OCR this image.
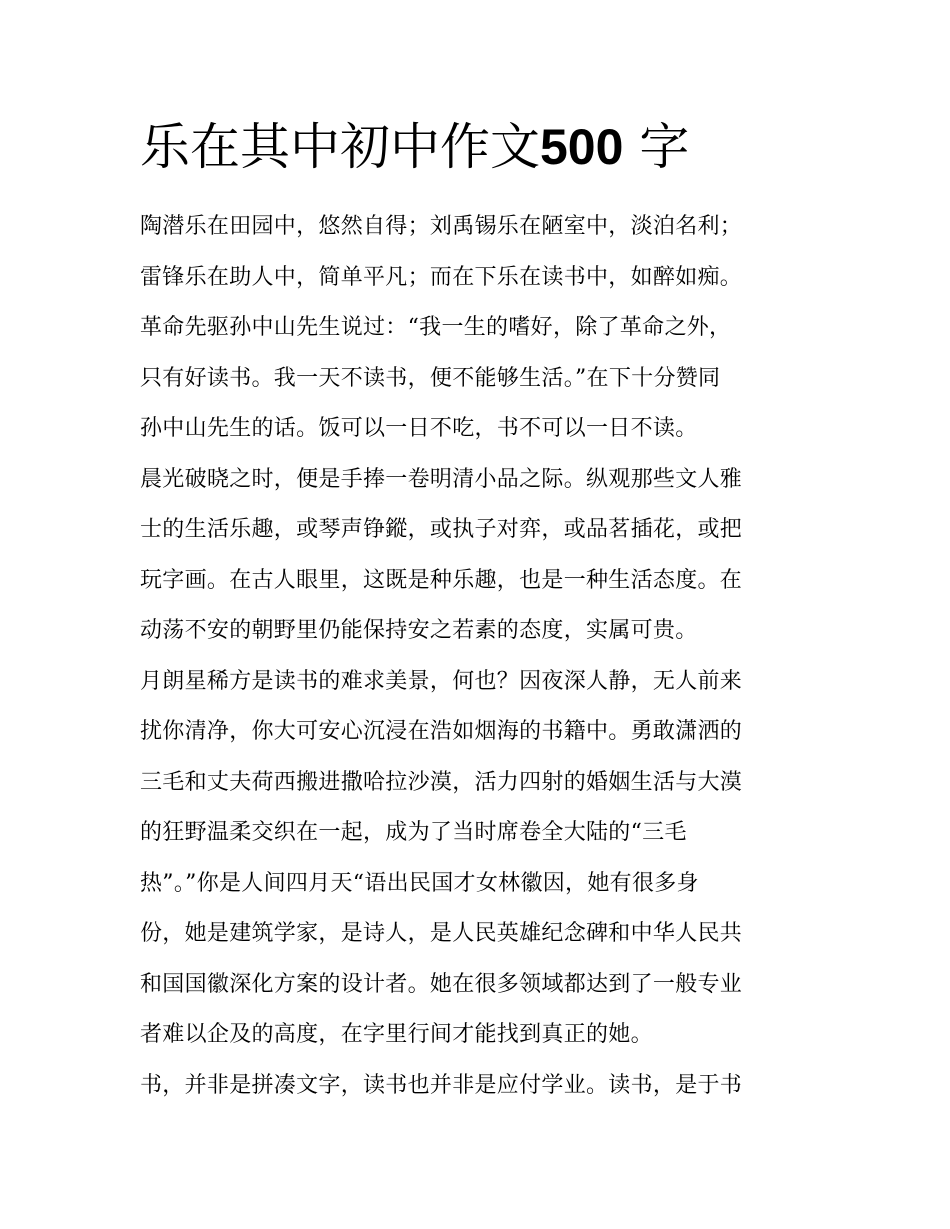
乐在其中初中作文500 字
陶潜乐在田园中，悠然自得；刘禹锡乐在陋室中，淡泊名利；
雷锋乐在助人中，简单平凡；而在下乐在读书中，如醉如痴。
革命先驱孙中山先生说过：“我一生的嗜好，除了革命之外，
只有好读书。我一天不读书，便不能够生活。”在下十分赞同
孙中山先生的话。饭可以一日不吃，书不可以一日不读。
晨光破晓之时，便是手捧一卷明清小品之际。纵观那些文人雅
士的生活乐趣，或琴声铮鏦，或执子对弈，或品茗插花，或把
玩字画。在古人眼里，这既是种乐趣，也是一种生活态度。在
动荡不安的朝野里仍能保持安之若素的态度，实属可贵。
月朗星稀方是读书的难求美景，何也？因夜深人静，无人前来
扰你清净，你大可安心沉浸在浩如烟海的书籍中。勇敢潇洒的
三毛和丈夫荷西搬进撒哈拉沙漠，活力四射的婚姻生活与大漠
的狂野温柔交织在一起，成为了当时席卷全大陆的“三毛
热”。”你是人间四月天“语出民国才女林徽因，她有很多身
份，她是建筑学家，是诗人，是人民英雄纪念碑和中华人民共
和国国徽深化方案的设计者。她在很多领域都达到了一般专业
者难以企及的高度，在字里行间才能找到真正的她。
书，并非是拼凑文字，读书也并非是应付学业。读书，是于书
